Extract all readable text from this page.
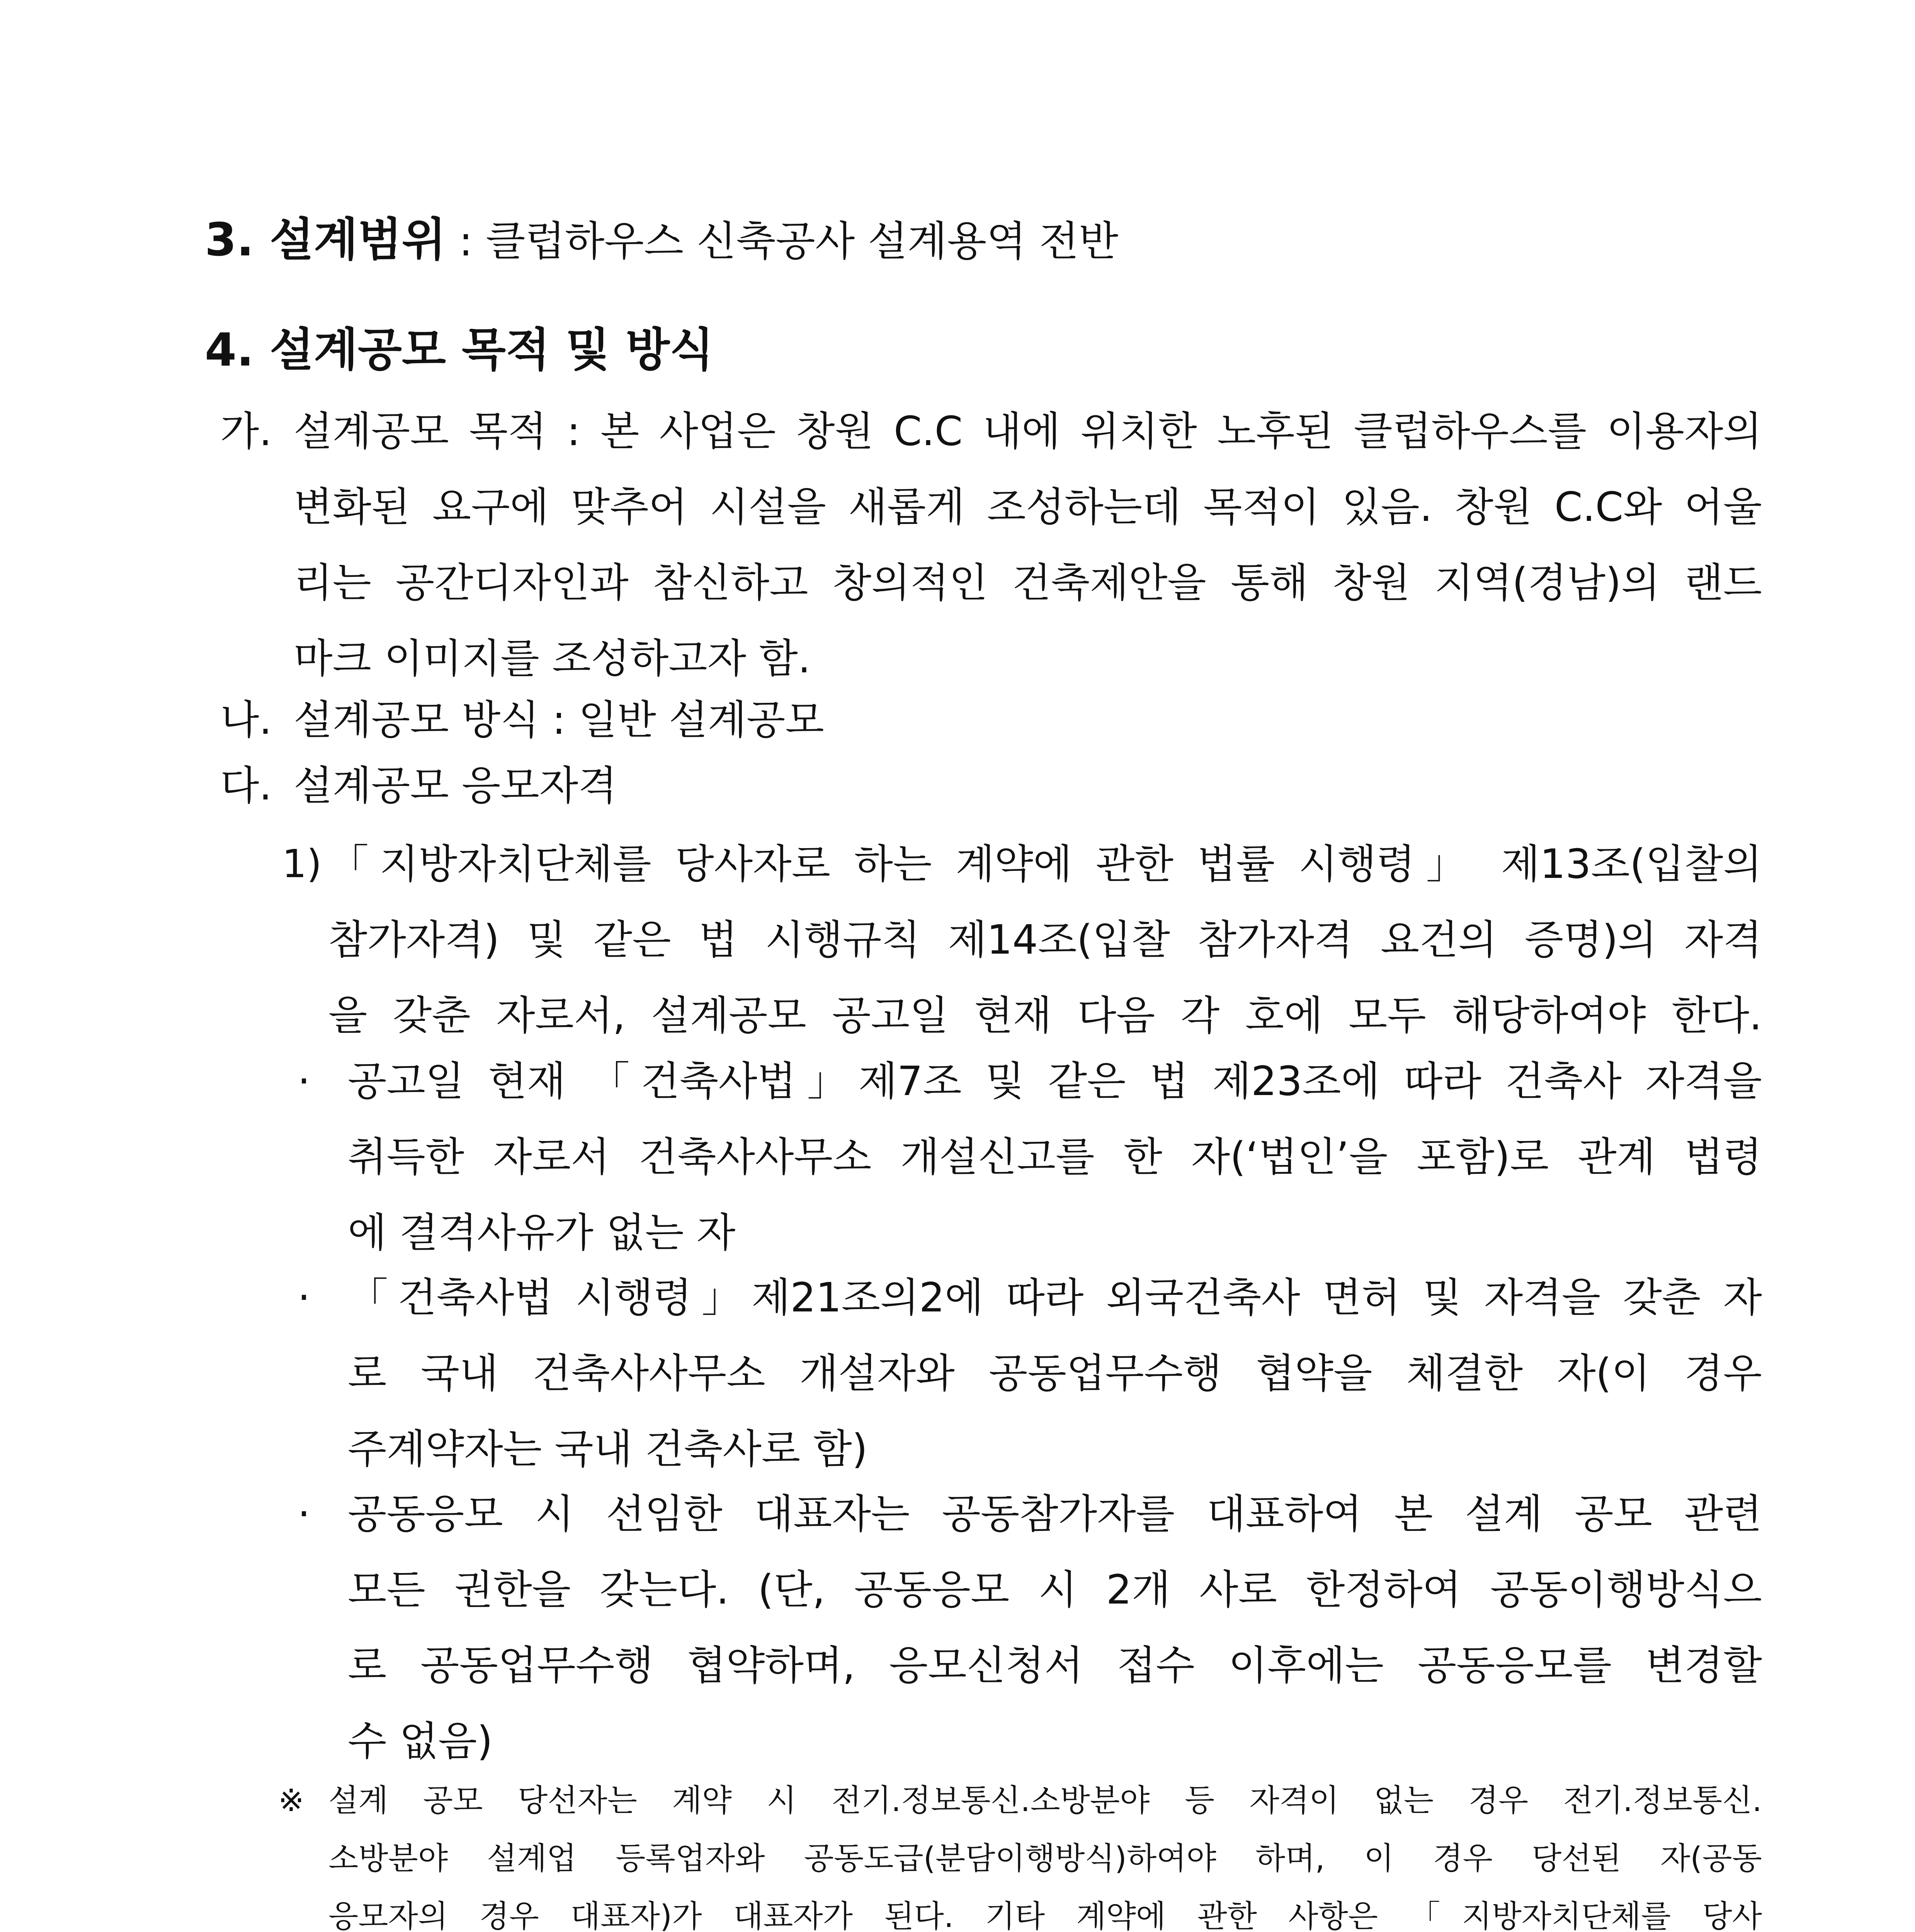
3. 설계범위 : 클럽하우스 신축공사 설계용역 전반
4. 설계공모 목적 및 방식
가. 설계공모 목적 : 본 사업은 창원 C.C 내에 위치한 노후된 클럽하우스를 이용자의
변화된 요구에 맞추어 시설을 새롭게 조성하는데 목적이 있음. 창원 C.C와 어울
리는 공간디자인과 참신하고 창의적인 건축제안을 통해 창원 지역(경남)의 랜드
마크 이미지를 조성하고자 함.
나. 설계공모 방식 : 일반 설계공모
다. 설계공모 응모자격
1) 「지방자치단체를 당사자로 하는 계약에 관한 법률 시행령」 제13조(입찰의
참가자격) 및 같은 법 시행규칙 제14조(입찰 참가자격 요건의 증명)의 자격
을 갖춘 자로서, 설계공모 공고일 현재 다음 각 호에 모두 해당하여야 한다.
· 공고일 현재 「건축사법」제7조 및 같은 법 제23조에 따라 건축사 자격을
취득한 자로서 건축사사무소 개설신고를 한 자(‘법인’을 포함)로 관계 법령
에 결격사유가 없는 자
· 「건축사법 시행령」제21조의2에 따라 외국건축사 면허 및 자격을 갖춘 자
로 국내 건축사사무소 개설자와 공동업무수행 협약을 체결한 자(이 경우
주계약자는 국내 건축사로 함)
· 공동응모 시 선임한 대표자는 공동참가자를 대표하여 본 설계 공모 관련
모든 권한을 갖는다. (단, 공동응모 시 2개 사로 한정하여 공동이행방식으
로 공동업무수행 협약하며, 응모신청서 접수 이후에는 공동응모를 변경할
수 없음)
※ 설계 공모 당선자는 계약 시 전기.정보통신.소방분야 등 자격이 없는 경우 전기.정보통신.
소방분야 설계업 등록업자와 공동도급(분담이행방식)하여야 하며, 이 경우 당선된 자(공동
응모자의 경우 대표자)가 대표자가 된다. 기타 계약에 관한 사항은 「지방자치단체를 당사
